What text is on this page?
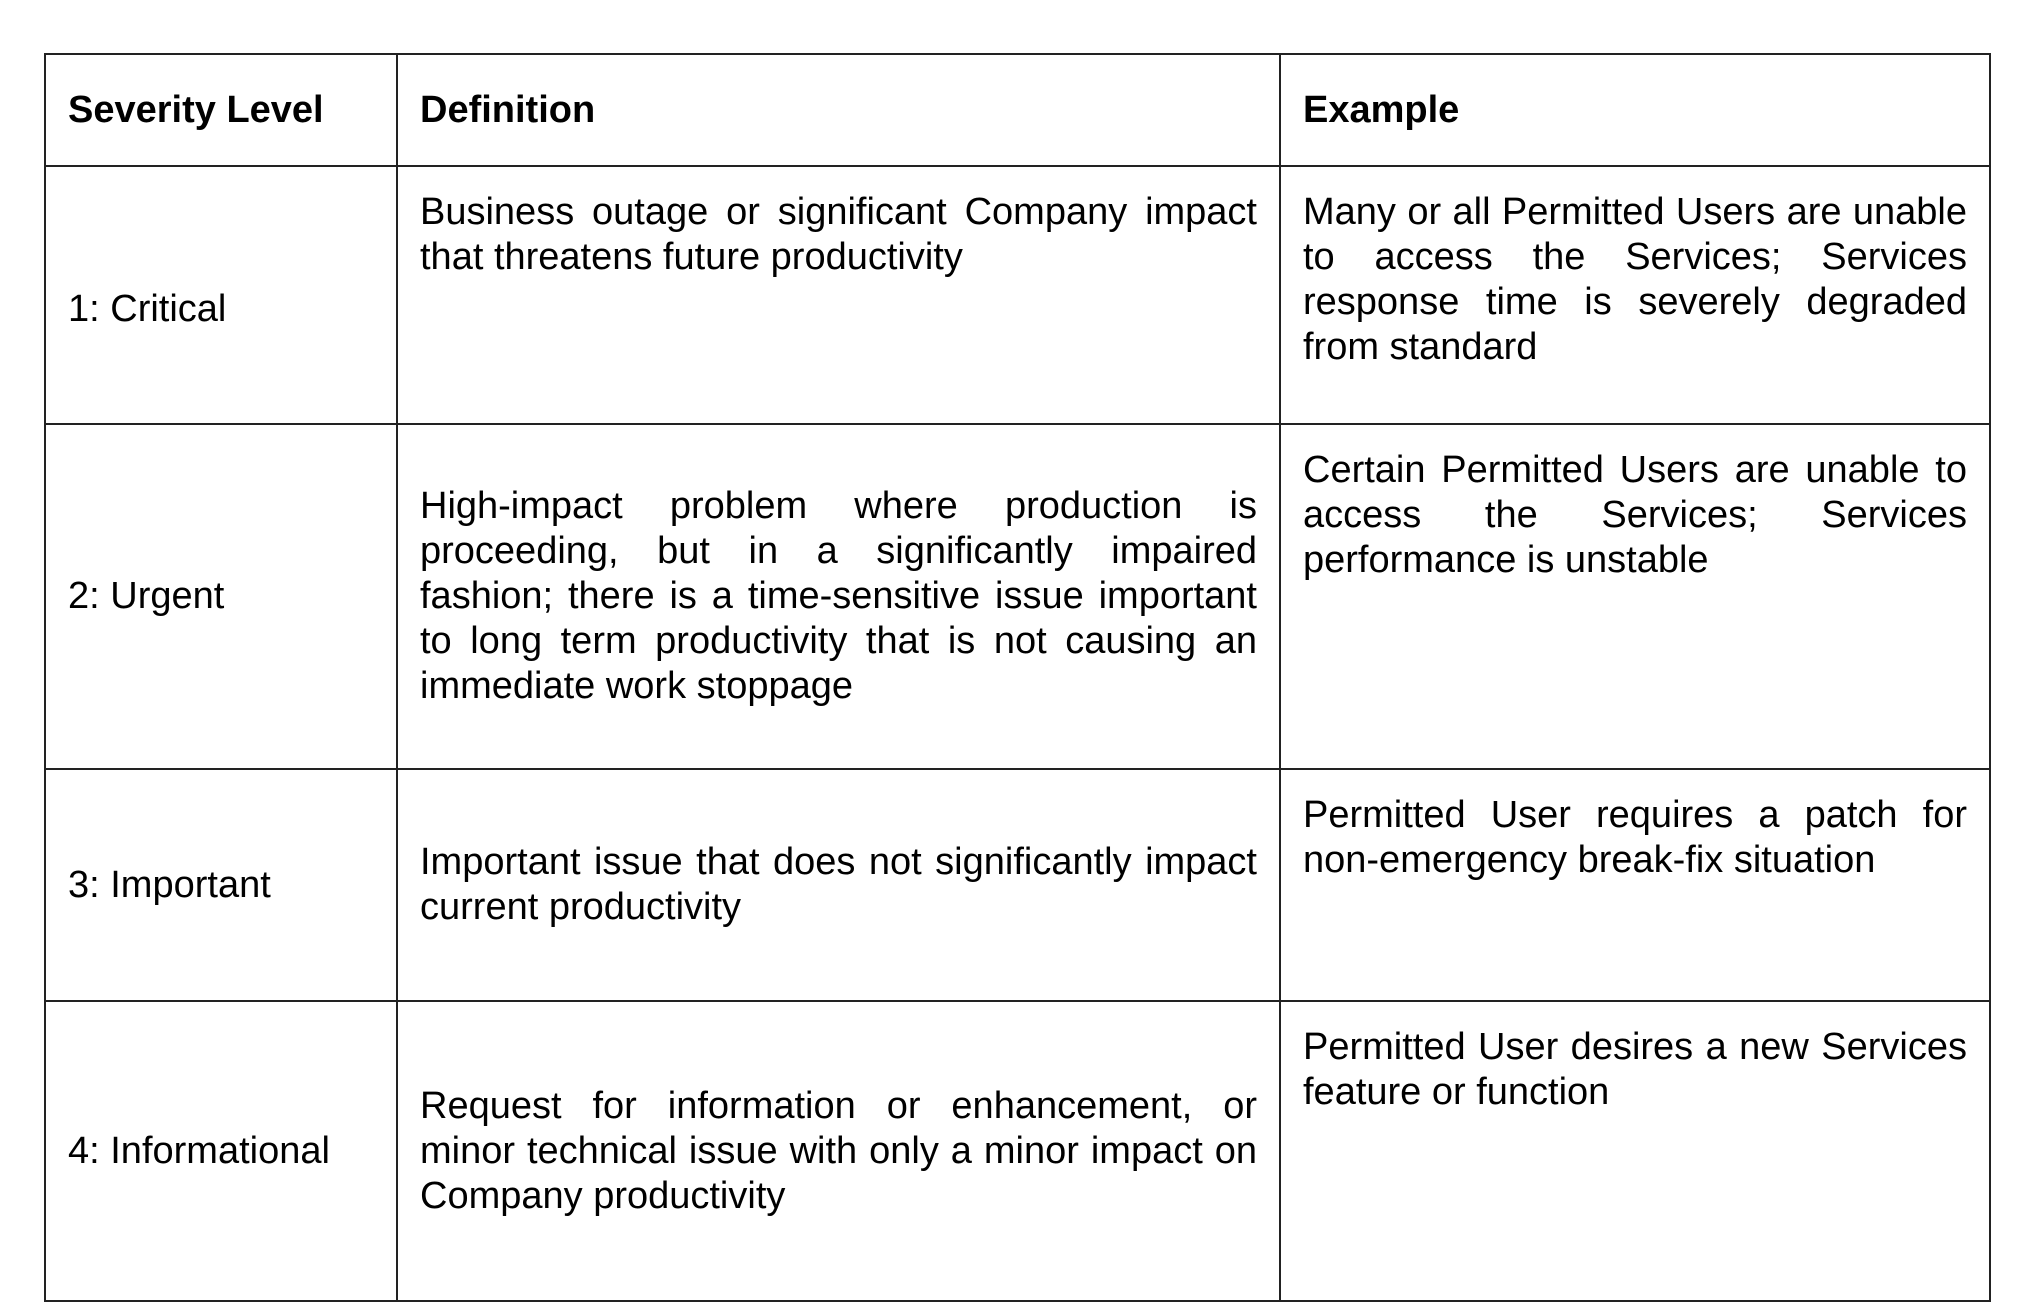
Severity Level	Definition	Example
1: Critical	Business outage or significant Company impact that threatens future productivity	Many or all Permitted Users are unable to access the Services; Services response time is severely degraded from standard
2: Urgent	High-impact problem where production is proceeding, but in a significantly impaired fashion; there is a time-sensitive issue important to long term productivity that is not causing an immediate work stoppage	Certain Permitted Users are unable to access the Services; Services performance is unstable
3: Important	Important issue that does not significantly impact current productivity	Permitted User requires a patch for non-emergency break-fix situation
4: Informational	Request for information or enhancement, or minor technical issue with only a minor impact on Company productivity	Permitted User desires a new Services feature or function
